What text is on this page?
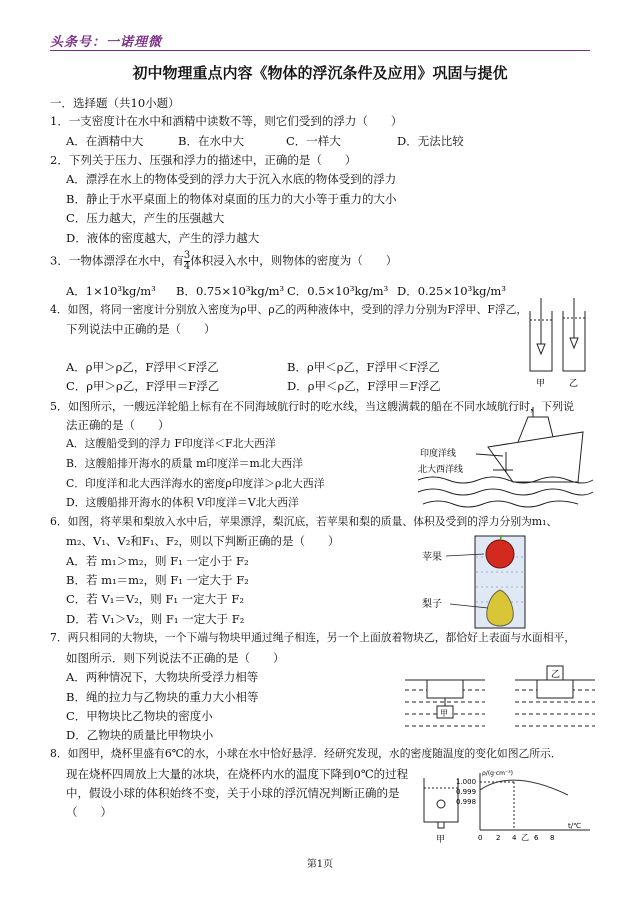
头条号：一诺理微
初中物理重点内容《物体的浮沉条件及应用》巩固与提优
一．选择题（共10小题）
1．一支密度计在水中和酒精中读数不等，则它们受到的浮力（　　）
A．在酒精中大	B．在水中大	C．一样大	D．无法比较
2．下列关于压力、压强和浮力的描述中，正确的是（　　）
A．漂浮在水上的物体受到的浮力大于沉入水底的物体受到的浮力
B．静止于水平桌面上的物体对桌面的压力的大小等于重力的大小
C．压力越大，产生的压强越大
D．液体的密度越大，产生的浮力越大
3．一物体漂浮在水中，有 $\frac{3}{4}$ 体积浸入水中，则物体的密度为（　　）
A．1×10³kg/m³ B．0.75×10³kg/m³ C．0.5×10³kg/m³ D．0.25×10³kg/m³
4．如图，将同一密度计分别放入密度为ρ甲、ρ乙的两种液体中，受到的浮力分别为F浮甲、F浮乙，
下列说法中正确的是（　　）
A．ρ甲＞ρ乙，F浮甲＜F浮乙	B．ρ甲＜ρ乙，F浮甲＜F浮乙
C．ρ甲＞ρ乙，F浮甲＝F浮乙	D．ρ甲＜ρ乙，F浮甲＝F浮乙	甲	乙
5．如图所示，一艘远洋轮船上标有在不同海域航行时的吃水线，当这艘满载的船在不同水域航行时，下列说
法正确的是（　　）
A．这艘船受到的浮力 F印度洋＜F北大西洋
B．这艘船排开海水的质量 m印度洋＝m北大西洋
C．印度洋和北大西洋海水的密度ρ印度洋＞ρ北大西洋
D．这艘船排开海水的体积 V印度洋＝V北大西洋
印度洋线
北大西洋线
6．如图，将苹果和梨放入水中后，苹果漂浮，梨沉底，若苹果和梨的质量、体积及受到的浮力分别为m₁、
m₂、V₁、V₂和F₁、F₂，则以下判断正确的是（　　）
A．若 m₁＞m₂，则 F₁ 一定小于 F₂
B．若 m₁＝m₂，则 F₁ 一定大于 F₂
C．若 V₁＝V₂，则 F₁ 一定大于 F₂
D．若 V₁＞V₂，则 F₁ 一定大于 F₂
苹果
梨子
7．两只相同的大物块，一个下端与物块甲通过绳子相连，另一个上面放着物块乙，都恰好上表面与水面相平，
如图所示．则下列说法不正确的是（　　）
A．两种情况下，大物块所受浮力相等
B．绳的拉力与乙物块的重力大小相等
C．甲物块比乙物块的密度小
D．乙物块的质量比甲物块小
甲
乙
8．如图甲，烧杯里盛有6℃的水，小球在水中恰好悬浮．经研究发现，水的密度随温度的变化如图乙所示．
现在烧杯四周放上大量的冰块，在烧杯内水的温度下降到0℃的过程
中，假设小球的体积始终不变，关于小球的浮沉情况判断正确的是
（　　）
甲
ρ/(g·cm⁻³)
1.000
0.999
0.998
0 2 4 乙 6 8
t/℃
第1页
